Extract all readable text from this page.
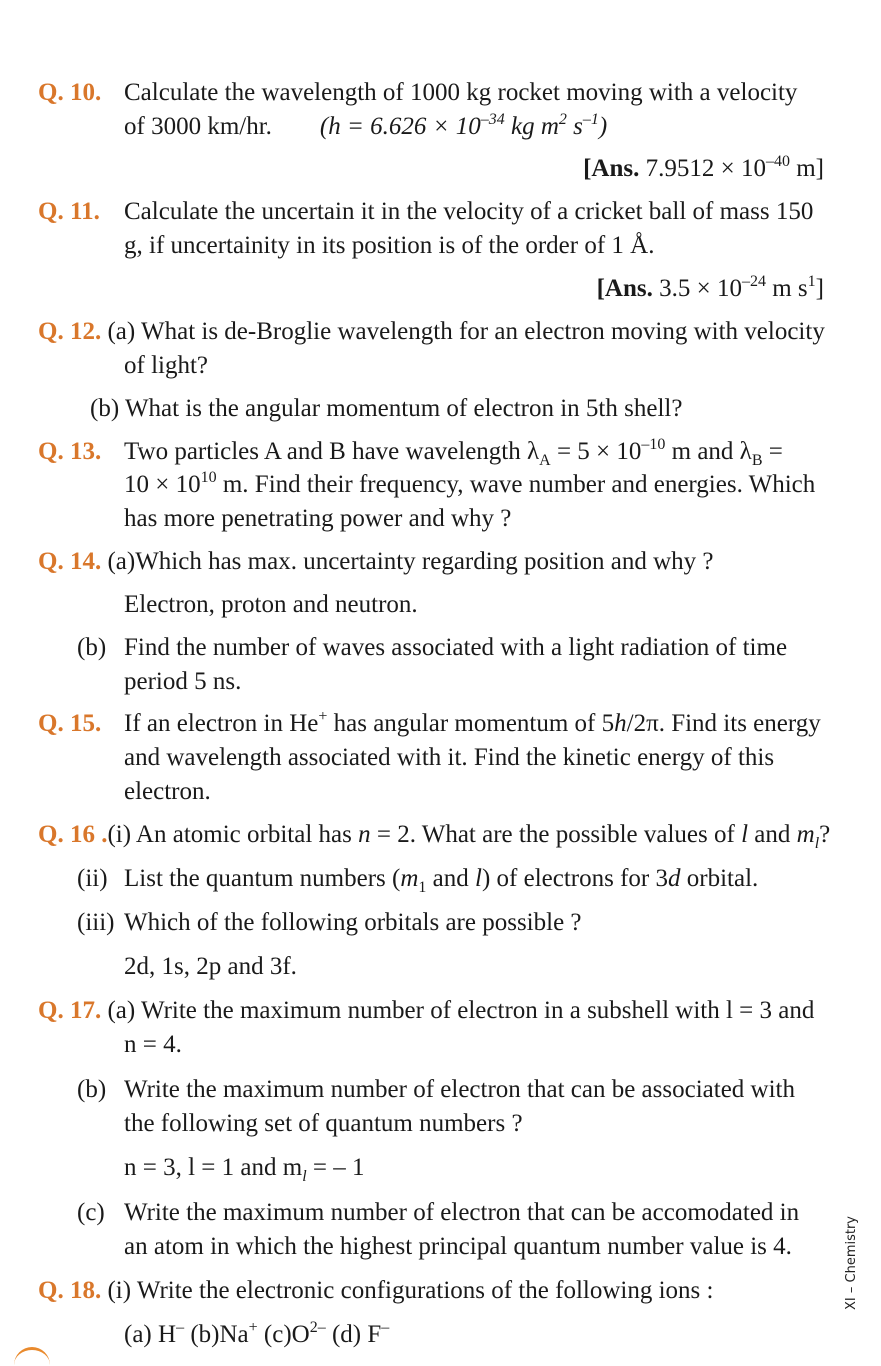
Q. 10. Calculate the wavelength of 1000 kg rocket moving with a velocity
of 3000 km/hr. ($h = 6.626 \times 10^{-34}$ kg $m^2$ $s^{-1}$)
[Ans. $7.9512 \times 10^{-40}$ m]
Q. 11. Calculate the uncertain it in the velocity of a cricket ball of mass 150
g, if uncertainity in its position is of the order of 1 Å.
[Ans. $3.5 \times 10^{-24}$ m $s^1$]
Q. 12. (a) What is de-Broglie wavelength for an electron moving with velocity
of light?
(b) What is the angular momentum of electron in 5th shell?
Q. 13. Two particles A and B have wavelength $\lambda_A = 5 \times 10^{-10}$ m and $\lambda_B$ =
$10 \times 10^{10}$ m. Find their frequency, wave number and energies. Which
has more penetrating power and why ?
Q. 14. (a)Which has max. uncertainty regarding position and why ?
Electron, proton and neutron.
(b) Find the number of waves associated with a light radiation of time
period 5 ns.
Q. 15. If an electron in He+ has angular momentum of 5h/2π. Find its energy
and wavelength associated with it. Find the kinetic energy of this
electron.
Q. 16 .(i) An atomic orbital has n = 2. What are the possible values of l and $m_l$?
(ii) List the quantum numbers ($m_1$ and l) of electrons for 3d orbital.
(iii) Which of the following orbitals are possible ?
2d, 1s, 2p and 3f.
Q. 17. (a) Write the maximum number of electron in a subshell with l = 3 and
n = 4.
(b) Write the maximum number of electron that can be associated with
the following set of quantum numbers ?
n = 3, l = 1 and $m_l$ = – 1
(c) Write the maximum number of electron that can be accomodated in
an atom in which the highest principal quantum number value is 4.
Q. 18. (i) Write the electronic configurations of the following ions :
(a) H– (b)Na+ $(c)O^{2-}$ (d) F–
XI – Chemistry
